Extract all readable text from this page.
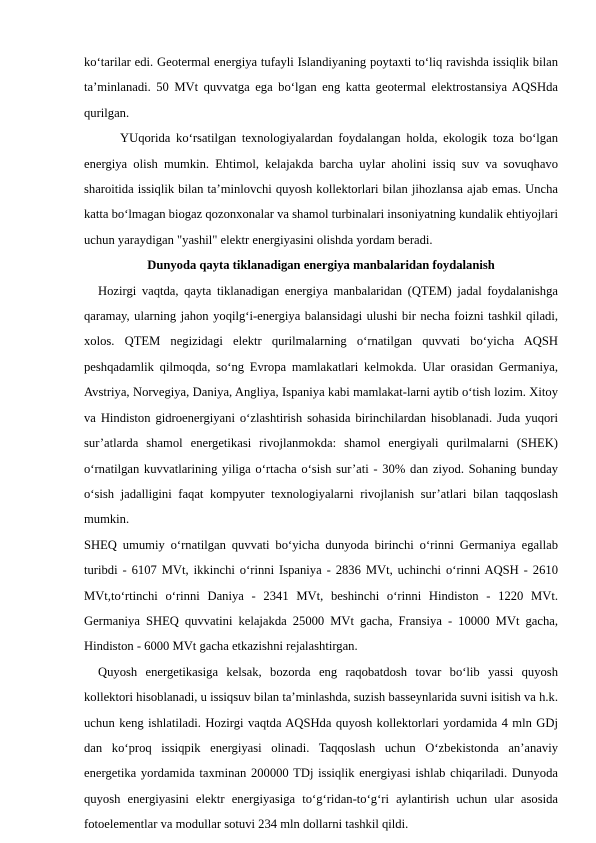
ko‘tarilar edi. Geotermal energiya tufayli Islandiyaning poytaxti to‘liq ravishda issiqlik bilan ta’minlanadi. 50 MVt quvvatga ega bo‘lgan eng katta geotermal elektrostansiya AQSHda qurilgan.

YUqorida ko‘rsatilgan texnologiyalardan foydalangan holda, ekologik toza bo‘lgan energiya olish mumkin. Ehtimol, kelajakda barcha uylar aholini issiq suv va sovuqhavo sharoitida issiqlik bilan ta’minlovchi quyosh kollektorlari bilan jihozlansa ajab emas. Uncha katta bo‘lmagan biogaz qozonxonalar va shamol turbinalari insoniyatning kundalik ehtiyojlari uchun yaraydigan "yashil" elektr energiyasini olishda yordam beradi.

Dunyoda qayta tiklanadigan energiya manbalaridan foydalanish

Hozirgi vaqtda, qayta tiklanadigan energiya manbalaridan (QTEM) jadal foydalanishga qaramay, ularning jahon yoqilg‘i-energiya balansidagi ulushi bir necha foizni tashkil qiladi, xolos. QTEM negizidagi elektr qurilmalarning o‘rnatilgan quvvati bo‘yicha AQSH peshqadamlik qilmoqda, so‘ng Evropa mamlakatlari kelmokda. Ular orasidan Germaniya, Avstriya, Norvegiya, Daniya, Angliya, Ispaniya kabi mamlakat-larni aytib o‘tish lozim. Xitoy va Hindiston gidroenergiyani o‘zlashtirish sohasida birinchilardan hisoblanadi. Juda yuqori sur’atlarda shamol energetikasi rivojlanmokda: shamol energiyali qurilmalarni (SHEK) o‘rnatilgan kuvvatlarining yiliga o‘rtacha o‘sish sur’ati - 30% dan ziyod. Sohaning bunday o‘sish jadalligini faqat kompyuter texnologiyalarni rivojlanish sur’atlari bilan taqqoslash mumkin.

SHEQ umumiy o‘rnatilgan quvvati bo‘yicha dunyoda birinchi o‘rinni Germaniya egallab turibdi - 6107 MVt, ikkinchi o‘rinni Ispaniya - 2836 MVt, uchinchi o‘rinni AQSH - 2610 MVt,to‘rtinchi o‘rinni Daniya - 2341 MVt, beshinchi o‘rinni Hindiston - 1220 MVt. Germaniya SHEQ quvvatini kelajakda 25000 MVt gacha, Fransiya - 10000 MVt gacha, Hindiston - 6000 MVt gacha etkazishni rejalashtirgan.

Quyosh energetikasiga kelsak, bozorda eng raqobatdosh tovar bo‘lib yassi quyosh kollektori hisoblanadi, u issiqsuv bilan ta’minlashda, suzish basseynlarida suvni isitish va h.k. uchun keng ishlatiladi. Hozirgi vaqtda AQSHda quyosh kollektorlari yordamida 4 mln GDj dan ko‘proq issiqpik energiyasi olinadi. Taqqoslash uchun O‘zbekistonda an’anaviy energetika yordamida taxminan 200000 TDj issiqlik energiyasi ishlab chiqariladi. Dunyoda quyosh energiyasini elektr energiyasiga to‘g‘ridan-to‘g‘ri aylantirish uchun ular asosida fotoelementlar va modullar sotuvi 234 mln dollarni tashkil qildi.
